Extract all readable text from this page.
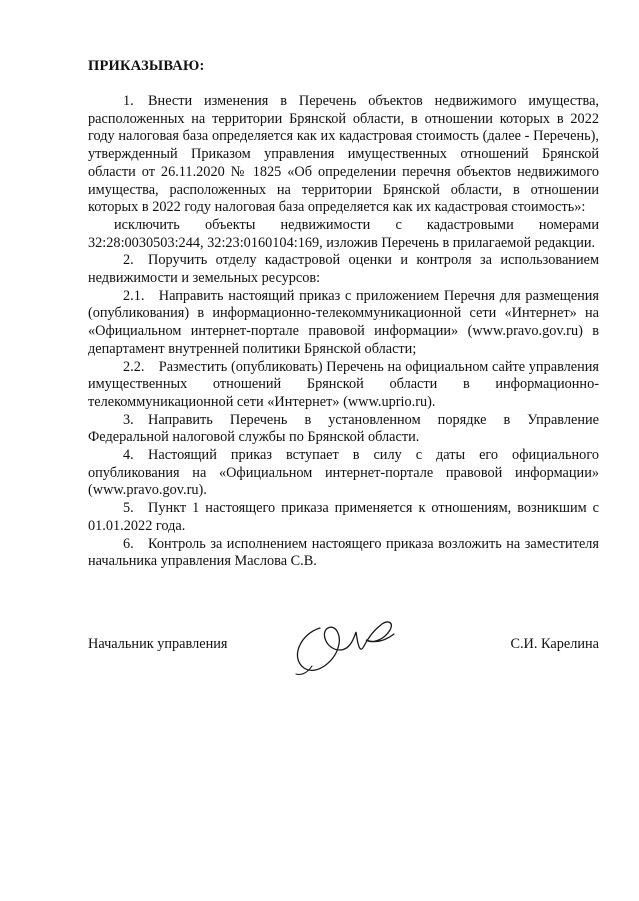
ПРИКАЗЫВАЮ:

1. Внести изменения в Перечень объектов недвижимого имущества, расположенных на территории Брянской области, в отношении которых в 2022 году налоговая база определяется как их кадастровая стоимость (далее - Перечень), утвержденный Приказом управления имущественных отношений Брянской области от 26.11.2020 № 1825 «Об определении перечня объектов недвижимого имущества, расположенных на территории Брянской области, в отношении которых в 2022 году налоговая база определяется как их кадастровая стоимость»:

исключить объекты недвижимости с кадастровыми номерами 32:28:0030503:244, 32:23:0160104:169, изложив Перечень в прилагаемой редакции.

2. Поручить отделу кадастровой оценки и контроля за использованием недвижимости и земельных ресурсов:

2.1. Направить настоящий приказ с приложением Перечня для размещения (опубликования) в информационно-телекоммуникационной сети «Интернет» на «Официальном интернет-портале правовой информации» (www.pravo.gov.ru) в департамент внутренней политики Брянской области;

2.2. Разместить (опубликовать) Перечень на официальном сайте управления имущественных отношений Брянской области в информационно-телекоммуникационной сети «Интернет» (www.uprio.ru).

3. Направить Перечень в установленном порядке в Управление Федеральной налоговой службы по Брянской области.

4. Настоящий приказ вступает в силу с даты его официального опубликования на «Официальном интернет-портале правовой информации» (www.pravo.gov.ru).

5. Пункт 1 настоящего приказа применяется к отношениям, возникшим с 01.01.2022 года.

6. Контроль за исполнением настоящего приказа возложить на заместителя начальника управления Маслова С.В.

Начальник управления	С.И. Карелина
